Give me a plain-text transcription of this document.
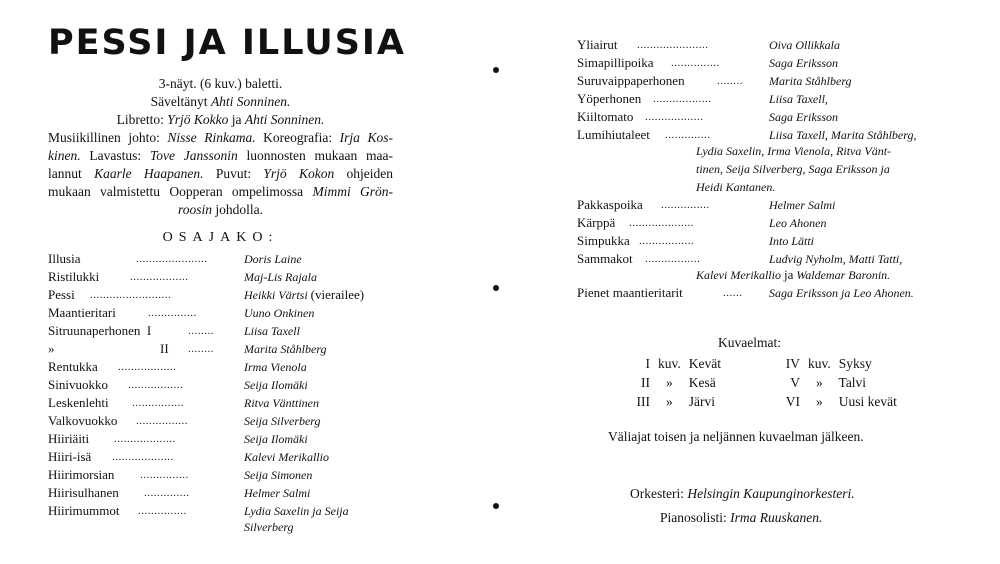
PESSI JA ILLUSIA
3-näyt. (6 kuv.) baletti.
Säveltänyt Ahti Sonninen.
Libretto: Yrjö Kokko ja Ahti Sonninen.
Musiikillinen johto: Nisse Rinkama. Koreografia: Irja Kos-
kinen. Lavastus: Tove Janssonin luonnosten mukaan maa-
lannut Kaarle Haapanen. Puvut: Yrjö Kokon ohjeiden
mukaan valmistettu Oopperan ompelimossa Mimmi Grön-
roosin johdolla.
OSAJAKO:
Illusia	......................	Doris Laine
Ristilukki	..................	Maj-Lis Rajala
Pessi .........................	Heikki Värtsi (vierailee)
Maantieritari	...............	Uuno Onkinen
Sitruunaperhonen  I	........	Liisa Taxell
»	II ........	Marita Ståhlberg
Rentukka ..................	Irma Vienola
Sinivuokko .................	Seija Ilomäki
Leskenlehti ................	Ritva Vänttinen
Valkovuokko ................	Seija Silverberg
Hiiriäiti ...................	Seija Ilomäki
Hiiri-isä ...................	Kalevi Merikallio
Hiirimorsian ...............	Seija Simonen
Hiirisulhanen ..............	Helmer Salmi
Hiirimummot ...............	Lydia Saxelin ja Seija
Silverberg
Yliairut ......................	Oiva Ollikkala
Simapillipoika ...............	Saga Eriksson
Suruvaippaperhonen	........	Marita Ståhlberg
Yöperhonen ..................	Liisa Taxell,
Kiiltomato ..................	Saga Eriksson
Lumihiutaleet ..............	Liisa Taxell, Marita Ståhlberg,
Lydia Saxelin, Irma Vienola, Ritva Vänt-
tinen, Seija Silverberg, Saga Eriksson ja
Heidi Kantanen.
Pakkaspoika ...............	Helmer Salmi
Kärppä ....................	Leo Ahonen
Simpukka .................	Into Lätti
Sammakot .................	Ludvig Nyholm, Matti Tatti,
Kalevi Merikallio ja Waldemar Baronin.
Pienet maantieritarit	......	Saga Eriksson ja Leo Ahonen.
Kuvaelmat:
I kuv. Kevät
II » Kesä
III » Järvi
IV kuv. Syksy
V » Talvi
VI » Uusi kevät
Väliajat toisen ja neljännen kuvaelman jälkeen.
Orkesteri: Helsingin Kaupunginorkesteri.
Pianosolisti: Irma Ruuskanen.
